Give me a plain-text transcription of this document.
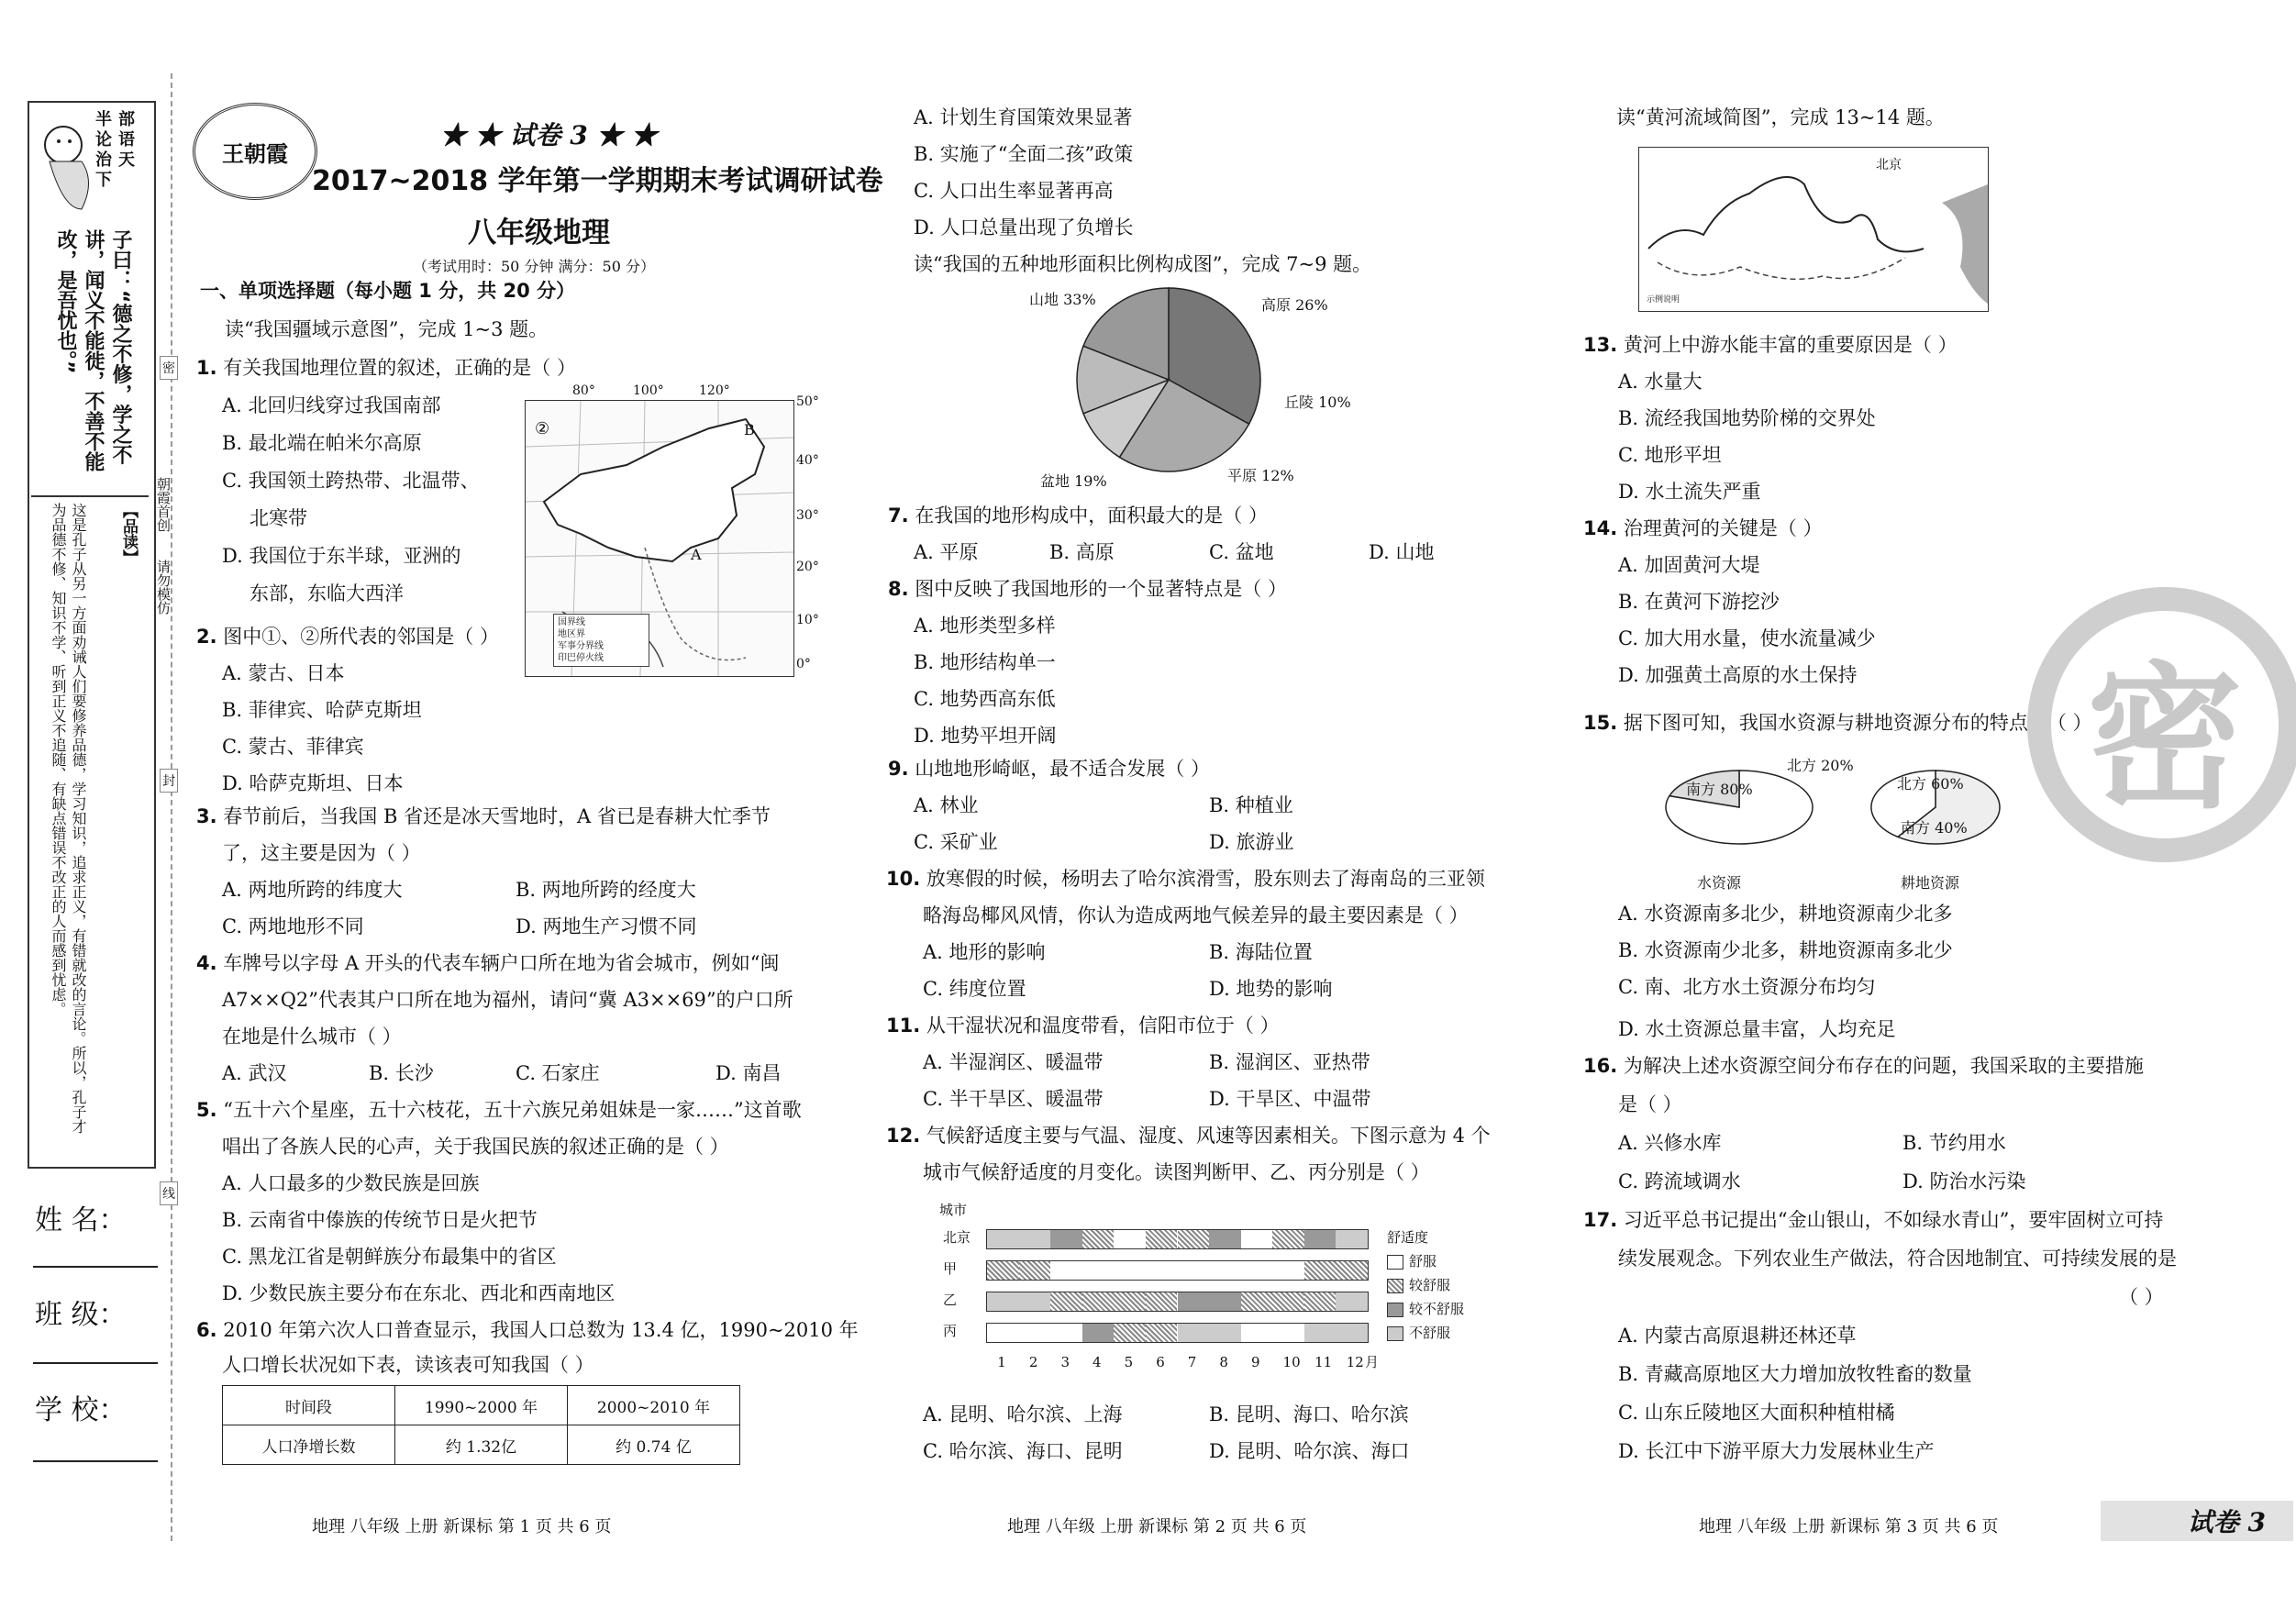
半 部
论 语
治 天
下
子曰：“德之不修，学之不讲，闻义不能徙，不善不能改，是吾忧也。”
【品读】
这是孔子从另一方面劝诫人们要修养品德，学习知识，追求正义，有错就改的言论。所以，孔子才为品德不修、知识不学、听到正义不追随、有缺点错误不改正的人而感到忧虑。	朝霞首创
请勿模仿
密
封
线
姓 名：
班 级：
学 校：
王朝霞
★ ★ 试卷 3 ★ ★
2017~2018 学年第一学期期末考试调研试卷
八年级地理
（考试用时：50 分钟 满分：50 分）
一、单项选择题（每小题 1 分，共 20 分）
读“我国疆域示意图”，完成 1~3 题。
1. 有关我国地理位置的叙述，正确的是（ ）
A. 北回归线穿过我国南部
B. 最北端在帕米尔高原
C. 我国领土跨热带、北温带、
北寒带
D. 我国位于东半球，亚洲的
东部，东临大西洋
②	B
A
国界线
地区界
军事分界线
印巴停火线
80°	100°	120°
50°
40°
30°
20°
10°
0°
2. 图中①、②所代表的邻国是（ ）
A. 蒙古、日本
B. 菲律宾、哈萨克斯坦
C. 蒙古、菲律宾
D. 哈萨克斯坦、日本
3. 春节前后，当我国 B 省还是冰天雪地时，A 省已是春耕大忙季节
了，这主要是因为（ ）
A. 两地所跨的纬度大	B. 两地所跨的经度大
C. 两地地形不同	D. 两地生产习惯不同
4. 车牌号以字母 A 开头的代表车辆户口所在地为省会城市，例如“闽
A7××Q2”代表其户口所在地为福州，请问“冀 A3××69”的户口所
在地是什么城市（ ）
A. 武汉	B. 长沙	C. 石家庄	D. 南昌
5. “五十六个星座，五十六枝花，五十六族兄弟姐妹是一家……”这首歌
唱出了各族人民的心声，关于我国民族的叙述正确的是（ ）
A. 人口最多的少数民族是回族
B. 云南省中傣族的传统节日是火把节
C. 黑龙江省是朝鲜族分布最集中的省区
D. 少数民族主要分布在东北、西北和西南地区
6. 2010 年第六次人口普查显示，我国人口总数为 13.4 亿，1990~2010 年
人口增长状况如下表，读该表可知我国（ ）
时间段	1990~2000 年	2000~2010 年
人口净增长数	约 1.32亿	约 0.74 亿
地理 八年级 上册 新课标 第 1 页 共 6 页
A. 计划生育国策效果显著
B. 实施了“全面二孩”政策
C. 人口出生率显著再高
D. 人口总量出现了负增长
读“我国的五种地形面积比例构成图”，完成 7~9 题。
山地 33%	高原 26%
丘陵 10%
平原 12%
盆地 19%
7. 在我国的地形构成中，面积最大的是（ ）
A. 平原	B. 高原	C. 盆地	D. 山地
8. 图中反映了我国地形的一个显著特点是（ ）
A. 地形类型多样
B. 地形结构单一
C. 地势西高东低
D. 地势平坦开阔
9. 山地地形崎岖，最不适合发展（ ）
A. 林业	B. 种植业
C. 采矿业	D. 旅游业
10. 放寒假的时候，杨明去了哈尔滨滑雪，股东则去了海南岛的三亚领
略海岛椰风风情，你认为造成两地气候差异的最主要因素是（ ）
A. 地形的影响	B. 海陆位置
C. 纬度位置	D. 地势的影响
11. 从干湿状况和温度带看，信阳市位于（ ）
A. 半湿润区、暖温带	B. 湿润区、亚热带
C. 半干旱区、暖温带	D. 干旱区、中温带
12. 气候舒适度主要与气温、湿度、风速等因素相关。下图示意为 4 个
城市气候舒适度的月变化。读图判断甲、乙、丙分别是（ ）
城市
月
舒适度
舒服
较舒服
较不舒服
不舒服
A. 昆明、哈尔滨、上海	B. 昆明、海口、哈尔滨
C. 哈尔滨、海口、昆明	D. 昆明、哈尔滨、海口
地理 八年级 上册 新课标 第 2 页 共 6 页
读“黄河流域简图”，完成 13~14 题。
北京
示例说明
13. 黄河上中游水能丰富的重要原因是（ ）
A. 水量大
B. 流经我国地势阶梯的交界处
C. 地形平坦
D. 水土流失严重
14. 治理黄河的关键是（ ）
A. 加固黄河大堤
B. 在黄河下游挖沙
C. 加大用水量，使水流量减少
D. 加强黄土高原的水土保持
15. 据下图可知，我国水资源与耕地资源分布的特点是（ ）
南方 80%
北方 20%
北方 60%
南方 40%
水资源	耕地资源
A. 水资源南多北少，耕地资源南少北多
B. 水资源南少北多，耕地资源南多北少
C. 南、北方水土资源分布均匀
D. 水土资源总量丰富，人均充足
16. 为解决上述水资源空间分布存在的问题，我国采取的主要措施
是（ ）
A. 兴修水库	B. 节约用水
C. 跨流域调水	D. 防治水污染
17. 习近平总书记提出“金山银山，不如绿水青山”，要牢固树立可持
续发展观念。下列农业生产做法，符合因地制宜、可持续发展的是
（ ）
A. 内蒙古高原退耕还林还草
B. 青藏高原地区大力增加放牧牲畜的数量
C. 山东丘陵地区大面积种植柑橘
D. 长江中下游平原大力发展林业生产
地理 八年级 上册 新课标 第 3 页 共 6 页	试卷 3
密
北京
甲
乙
丙
1 2 3 4 5 6 7 8 9 10 11 12
